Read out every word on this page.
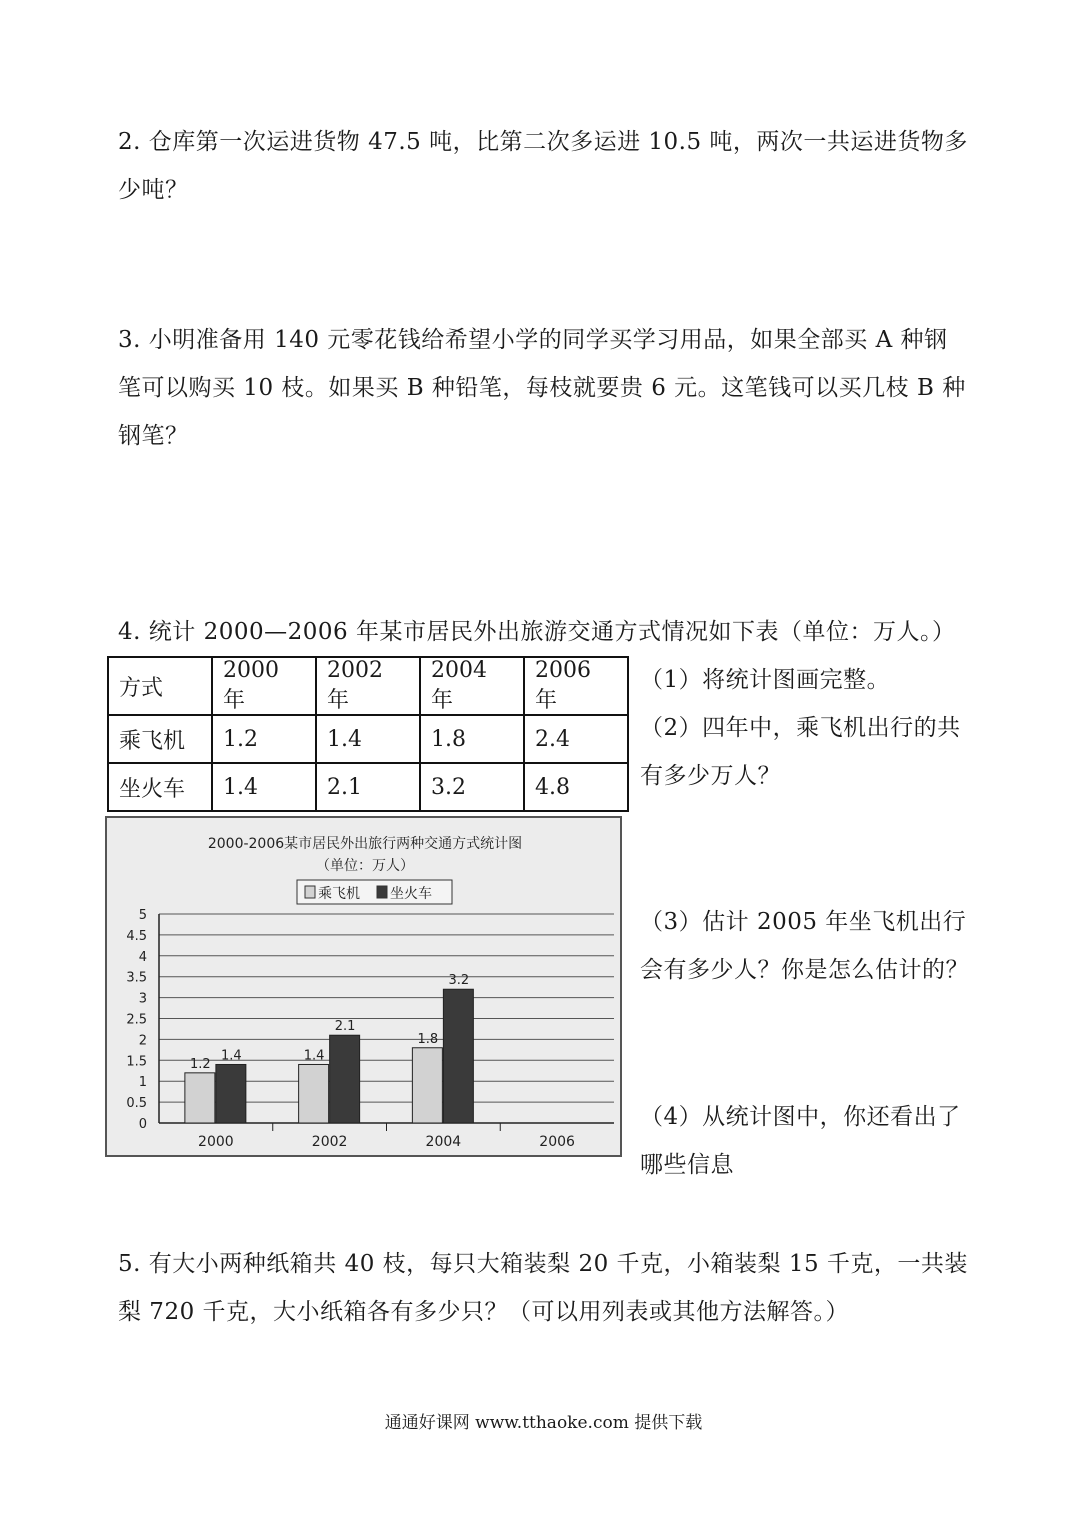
2. 仓库第一次运进货物 47.5 吨，比第二次多运进 10.5 吨，两次一共运进货物多少吨？

3. 小明准备用 140 元零花钱给希望小学的同学买学习用品，如果全部买 A 种钢笔可以购买 10 枝。如果买 B 种铅笔，每枝就要贵 6 元。这笔钱可以买几枝 B 种钢笔？

4. 统计 2000—2006 年某市居民外出旅游交通方式情况如下表（单位：万人。）

方式	2000 年	2002 年	2004 年	2006 年
乘飞机	1.2	1.4	1.8	2.4
坐火车	1.4	2.1	3.2	4.8

（1）将统计图画完整。

（2）四年中，乘飞机出行的共有多少万人？

（3）估计 2005 年坐飞机出行会有多少人？你是怎么估计的？

（4）从统计图中，你还看出了哪些信息

2000-2006某市居民外出旅行两种交通方式统计图
（单位：万人）
乘飞机 坐火车
0
0.5
1
1.5
2
2.5
3
3.5
4
4.5
5
2000
1.2
1.4
2002
1.4
2.1
2004
1.8
3.2
2006

5. 有大小两种纸箱共 40 枝，每只大箱装梨 20 千克，小箱装梨 15 千克，一共装梨 720 千克，大小纸箱各有多少只？（可以用列表或其他方法解答。）

通通好课网 www.tthaoke.com 提供下载
